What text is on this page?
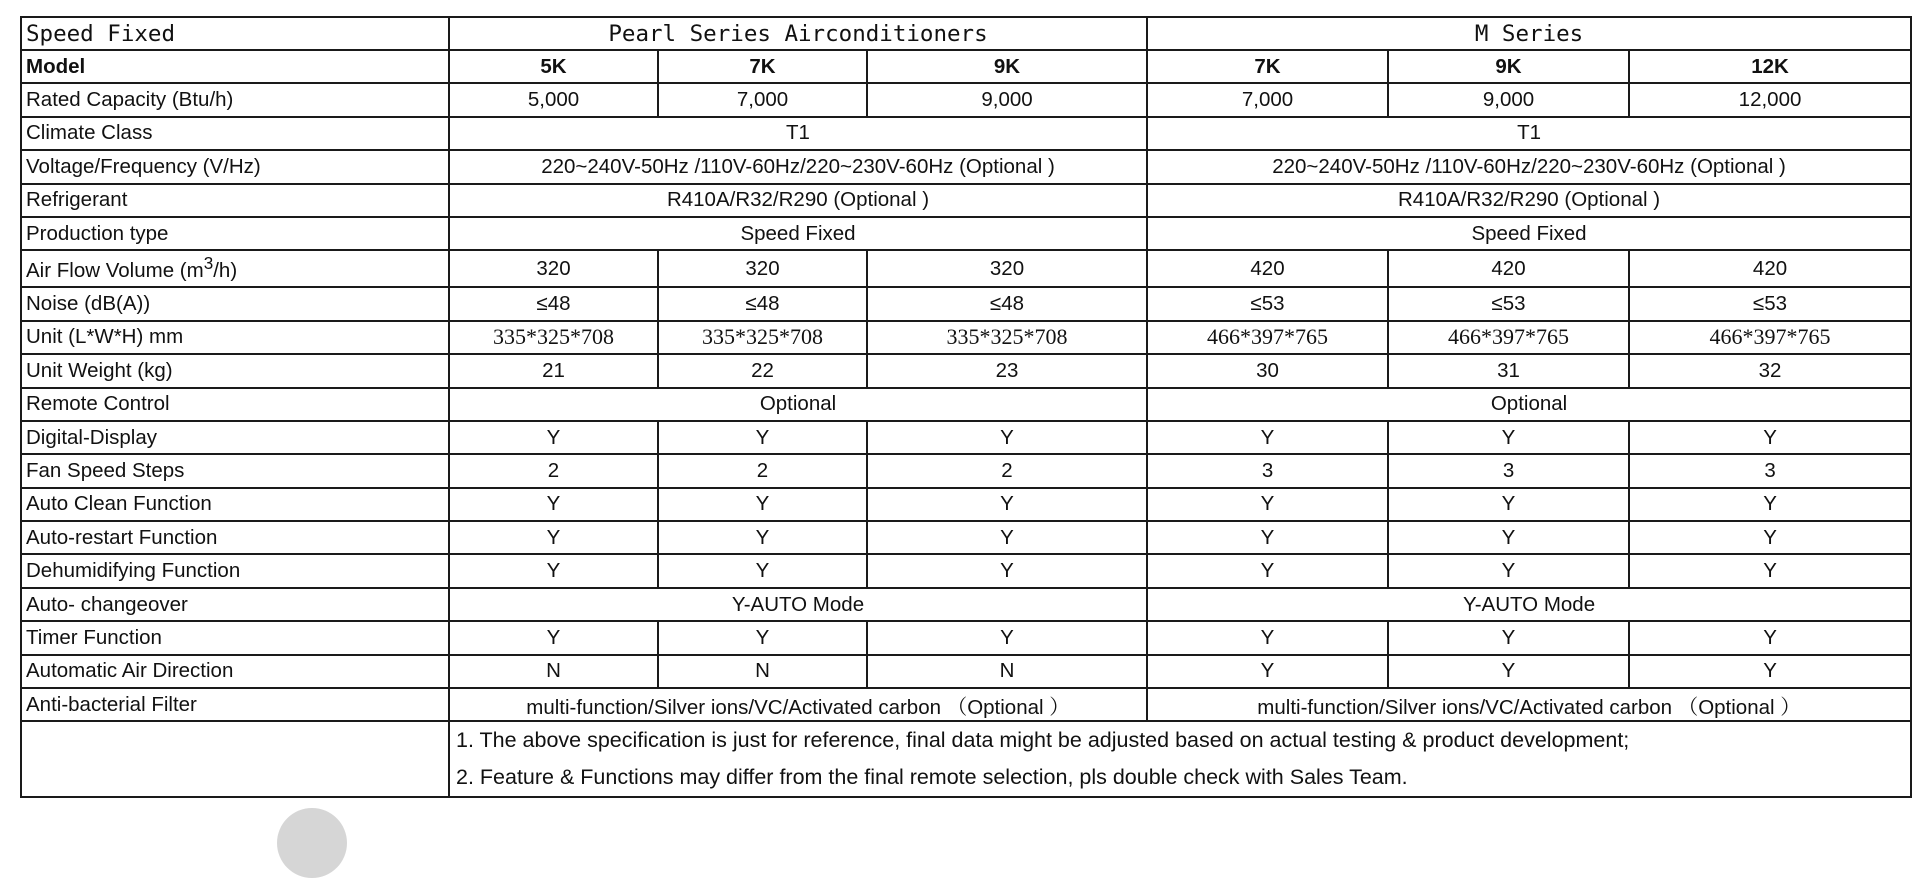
Speed Fixed	Pearl Series Airconditioners			M Series		
Model	5K	7K	9K	7K	9K	12K
Rated Capacity (Btu/h)	5,000	7,000	9,000	7,000	9,000	12,000
Climate Class	T1			T1		
Voltage/Frequency (V/Hz)	220~240V-50Hz /110V-60Hz/220~230V-60Hz (Optional )			220~240V-50Hz /110V-60Hz/220~230V-60Hz (Optional )		
Refrigerant	R410A/R32/R290 (Optional )			R410A/R32/R290 (Optional )		
Production type	Speed Fixed			Speed Fixed		
Air Flow Volume $(m^3/h)$	320	320	320	420	420	420
Noise (dB(A))	≤48	≤48	≤48	≤53	≤53	≤53
Unit (L*W*H) mm	335*325*708	335*325*708	335*325*708	466*397*765	466*397*765	466*397*765
Unit Weight (kg)	21	22	23	30	31	32
Remote Control	Optional			Optional		
Digital-Display	Y	Y	Y	Y	Y	Y
Fan Speed Steps	2	2	2	3	3	3
Auto Clean Function	Y	Y	Y	Y	Y	Y
Auto-restart Function	Y	Y	Y	Y	Y	Y
Dehumidifying Function	Y	Y	Y	Y	Y	Y
Auto- changeover	Y-AUTO Mode			Y-AUTO Mode		
Timer Function	Y	Y	Y	Y	Y	Y
Automatic Air Direction	N	N	N	Y	Y	Y
Anti-bacterial Filter	multi-function/Silver ions/VC/Activated carbon （Optional ）			multi-function/Silver ions/VC/Activated carbon （Optional ）		

	1. The above specification is just for reference, final data might be adjusted based on actual testing & product development;
2. Feature & Functions may differ from the final remote selection, pls double check with Sales Team.					
